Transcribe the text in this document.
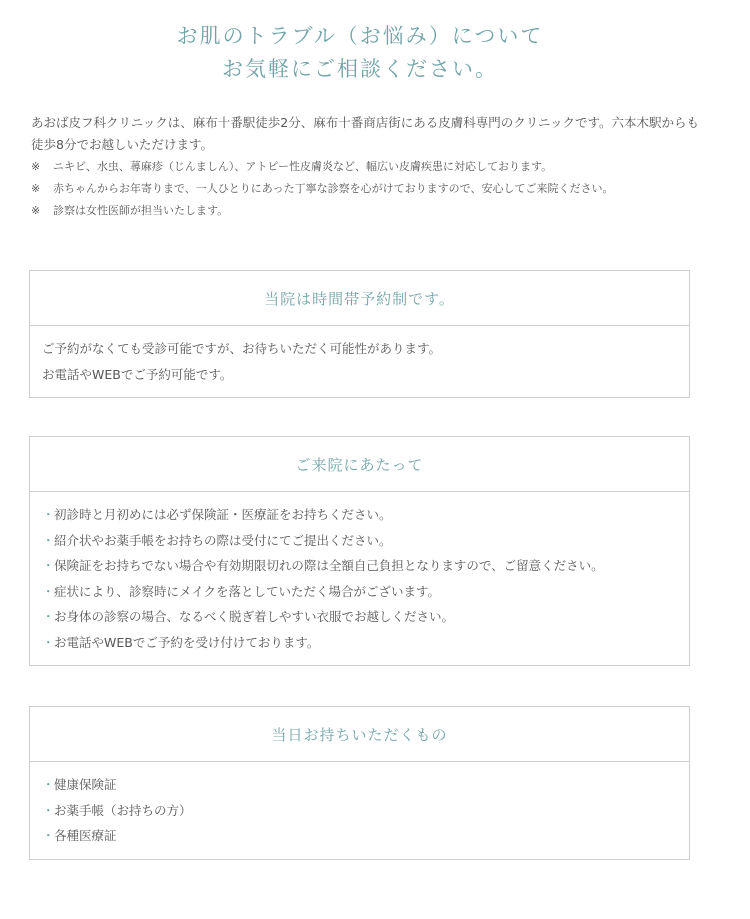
お肌のトラブル（お悩み）について
お気軽にご相談ください。

あおば皮フ科クリニックは、麻布十番駅徒歩2分、麻布十番商店街にある皮膚科専門のクリニックです。六本木駅からも徒歩8分でお越しいただけます。

※ ニキビ、水虫、蕁麻疹（じんましん）、アトピー性皮膚炎など、幅広い皮膚疾患に対応しております。
※ 赤ちゃんからお年寄りまで、一人ひとりにあった丁寧な診察を心がけておりますので、安心してご来院ください。
※ 診察は女性医師が担当いたします。
当院は時間帯予約制です。

ご予約がなくても受診可能ですが、お待ちいただく可能性があります。

お電話やWEBでご予約可能です。

ご来院にあたって
・初診時と月初めには必ず保険証・医療証をお持ちください。
・紹介状やお薬手帳をお持ちの際は受付にてご提出ください。
・保険証をお持ちでない場合や有効期限切れの際は全額自己負担となりますので、ご留意ください。
・症状により、診察時にメイクを落としていただく場合がございます。
・お身体の診察の場合、なるべく脱ぎ着しやすい衣服でお越しください。
・お電話やWEBでご予約を受け付けております。
当日お持ちいただくもの
・健康保険証
・お薬手帳（お持ちの方）
・各種医療証
